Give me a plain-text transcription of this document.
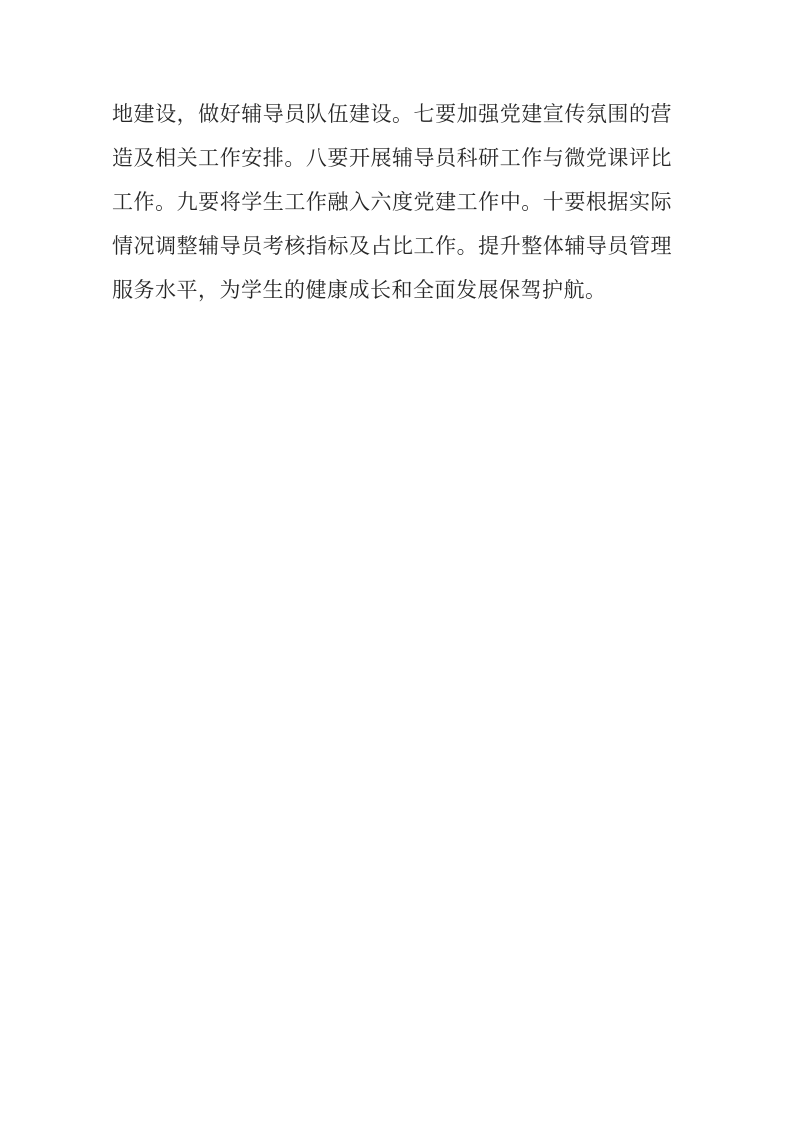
地建设，做好辅导员队伍建设。七要加强党建宣传氛围的营
造及相关工作安排。八要开展辅导员科研工作与微党课评比
工作。九要将学生工作融入六度党建工作中。十要根据实际
情况调整辅导员考核指标及占比工作。提升整体辅导员管理
服务水平，为学生的健康成长和全面发展保驾护航。
